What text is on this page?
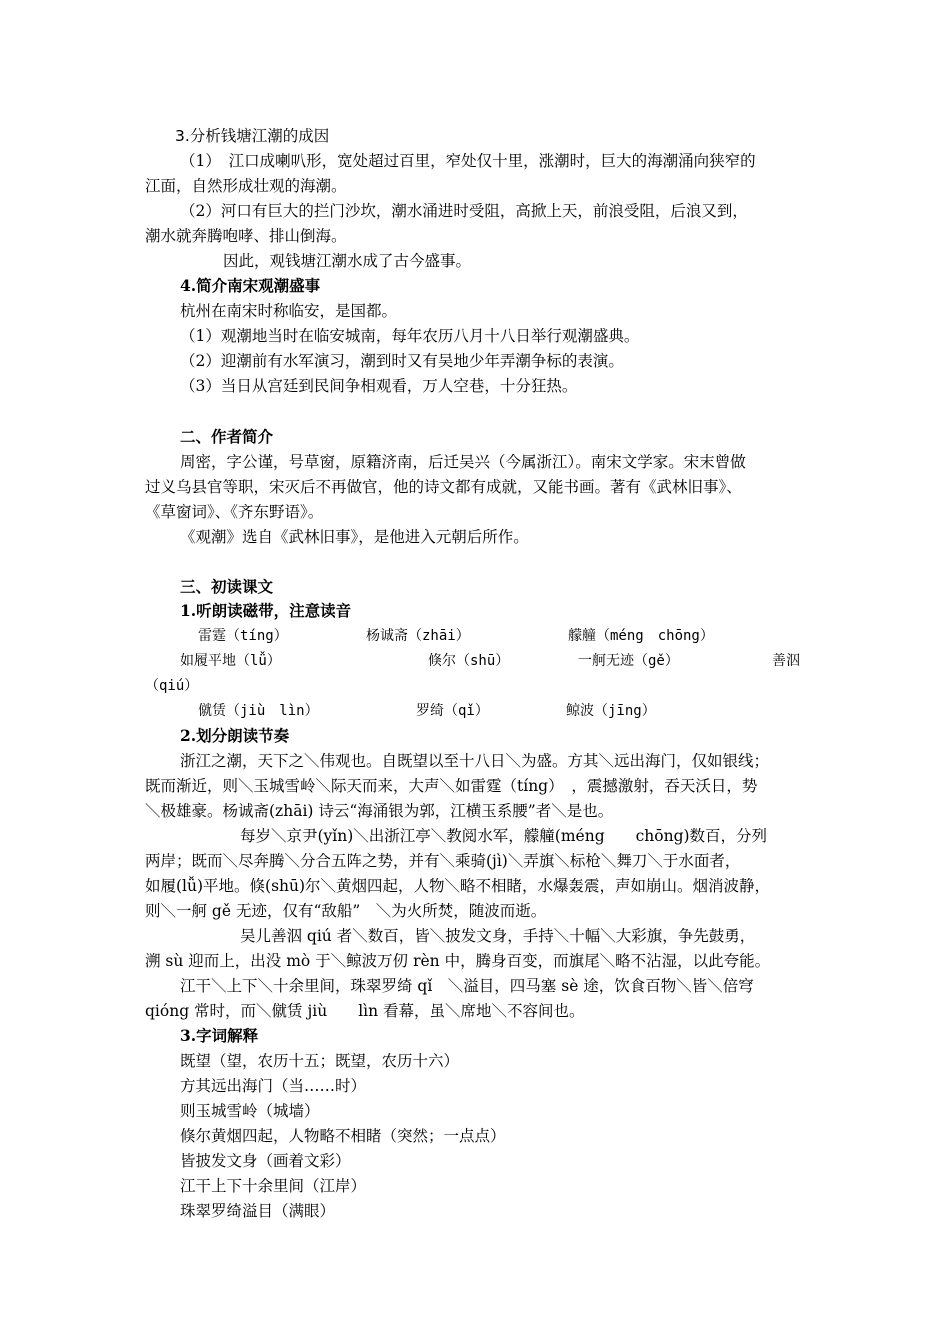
3.分析钱塘江潮的成因
（1）　江口成喇叭形，宽处超过百里，窄处仅十里，涨潮时，巨大的海潮涌向狭窄的
江面，自然形成壮观的海潮。
（2）河口有巨大的拦门沙坎，潮水涌进时受阻，高掀上天，前浪受阻，后浪又到，
潮水就奔腾咆哮、排山倒海。
因此，观钱塘江潮水成了古今盛事。
4.简介南宋观潮盛事
杭州在南宋时称临安，是国都。
（1）观潮地当时在临安城南，每年农历八月十八日举行观潮盛典。
（2）迎潮前有水军演习，潮到时又有吴地少年弄潮争标的表演。
（3）当日从宫廷到民间争相观看，万人空巷，十分狂热。
二、作者简介
周密，字公谨，号草窗，原籍济南，后迁吴兴（今属浙江）。南宋文学家。宋末曾做
过义乌县官等职，宋灭后不再做官，他的诗文都有成就，又能书画。著有《武林旧事》、
《草窗词》、《齐东野语》。
《观潮》选自《武林旧事》，是他进入元朝后所作。
三、初读课文
1.听朗读磁带，注意读音
雷霆（tíng）	杨诚斋（zhāi）	艨艟（méng　chōng）
如履平地（lǚ）	倏尔（shū）	一舸无迹（gě）	善泅
（qiú）
僦赁（jiù　lìn）	罗绮（qǐ）	鲸波（jīng）
2.划分朗读节奏
浙江之潮，天下之＼伟观也。自既望以至十八日＼为盛。方其＼远出海门，仅如银线；
既而渐近，则＼玉城雪岭＼际天而来，大声＼如雷霆（tíng）　，震撼激射，吞天沃日，势
＼极雄豪。杨诚斋(zhāi) 诗云“海涌银为郭，江横玉系腰”者＼是也。
每岁＼京尹(yǐn)＼出浙江亭＼教阅水军，艨艟(méng　　chōng)数百，分列
两岸；既而＼尽奔腾＼分合五阵之势，并有＼乘骑(jì)＼弄旗＼标枪＼舞刀＼于水面者，
如履(lǚ)平地。倏(shū)尔＼黄烟四起，人物＼略不相睹，水爆轰震，声如崩山。烟消波静，
则＼一舸 gě 无迹，仅有“敌船”　＼为火所焚，随波而逝。
吴儿善泅 qiú 者＼数百，皆＼披发文身，手持＼十幅＼大彩旗，争先鼓勇，
溯 sù 迎而上，出没 mò 于＼鲸波万仞 rèn 中，腾身百变，而旗尾＼略不沾湿，以此夸能。
江干＼上下＼十余里间，珠翠罗绮 qǐ　＼溢目，四马塞 sè 途，饮食百物＼皆＼倍穹
qióng 常时，而＼僦赁 jiù　　lìn 看幕，虽＼席地＼不容间也。
3.字词解释
既望（望，农历十五；既望，农历十六）
方其远出海门（当……时）
则玉城雪岭（城墙）
倏尔黄烟四起，人物略不相睹（突然；一点点）
皆披发文身（画着文彩）
江干上下十余里间（江岸）
珠翠罗绮溢目（满眼）
